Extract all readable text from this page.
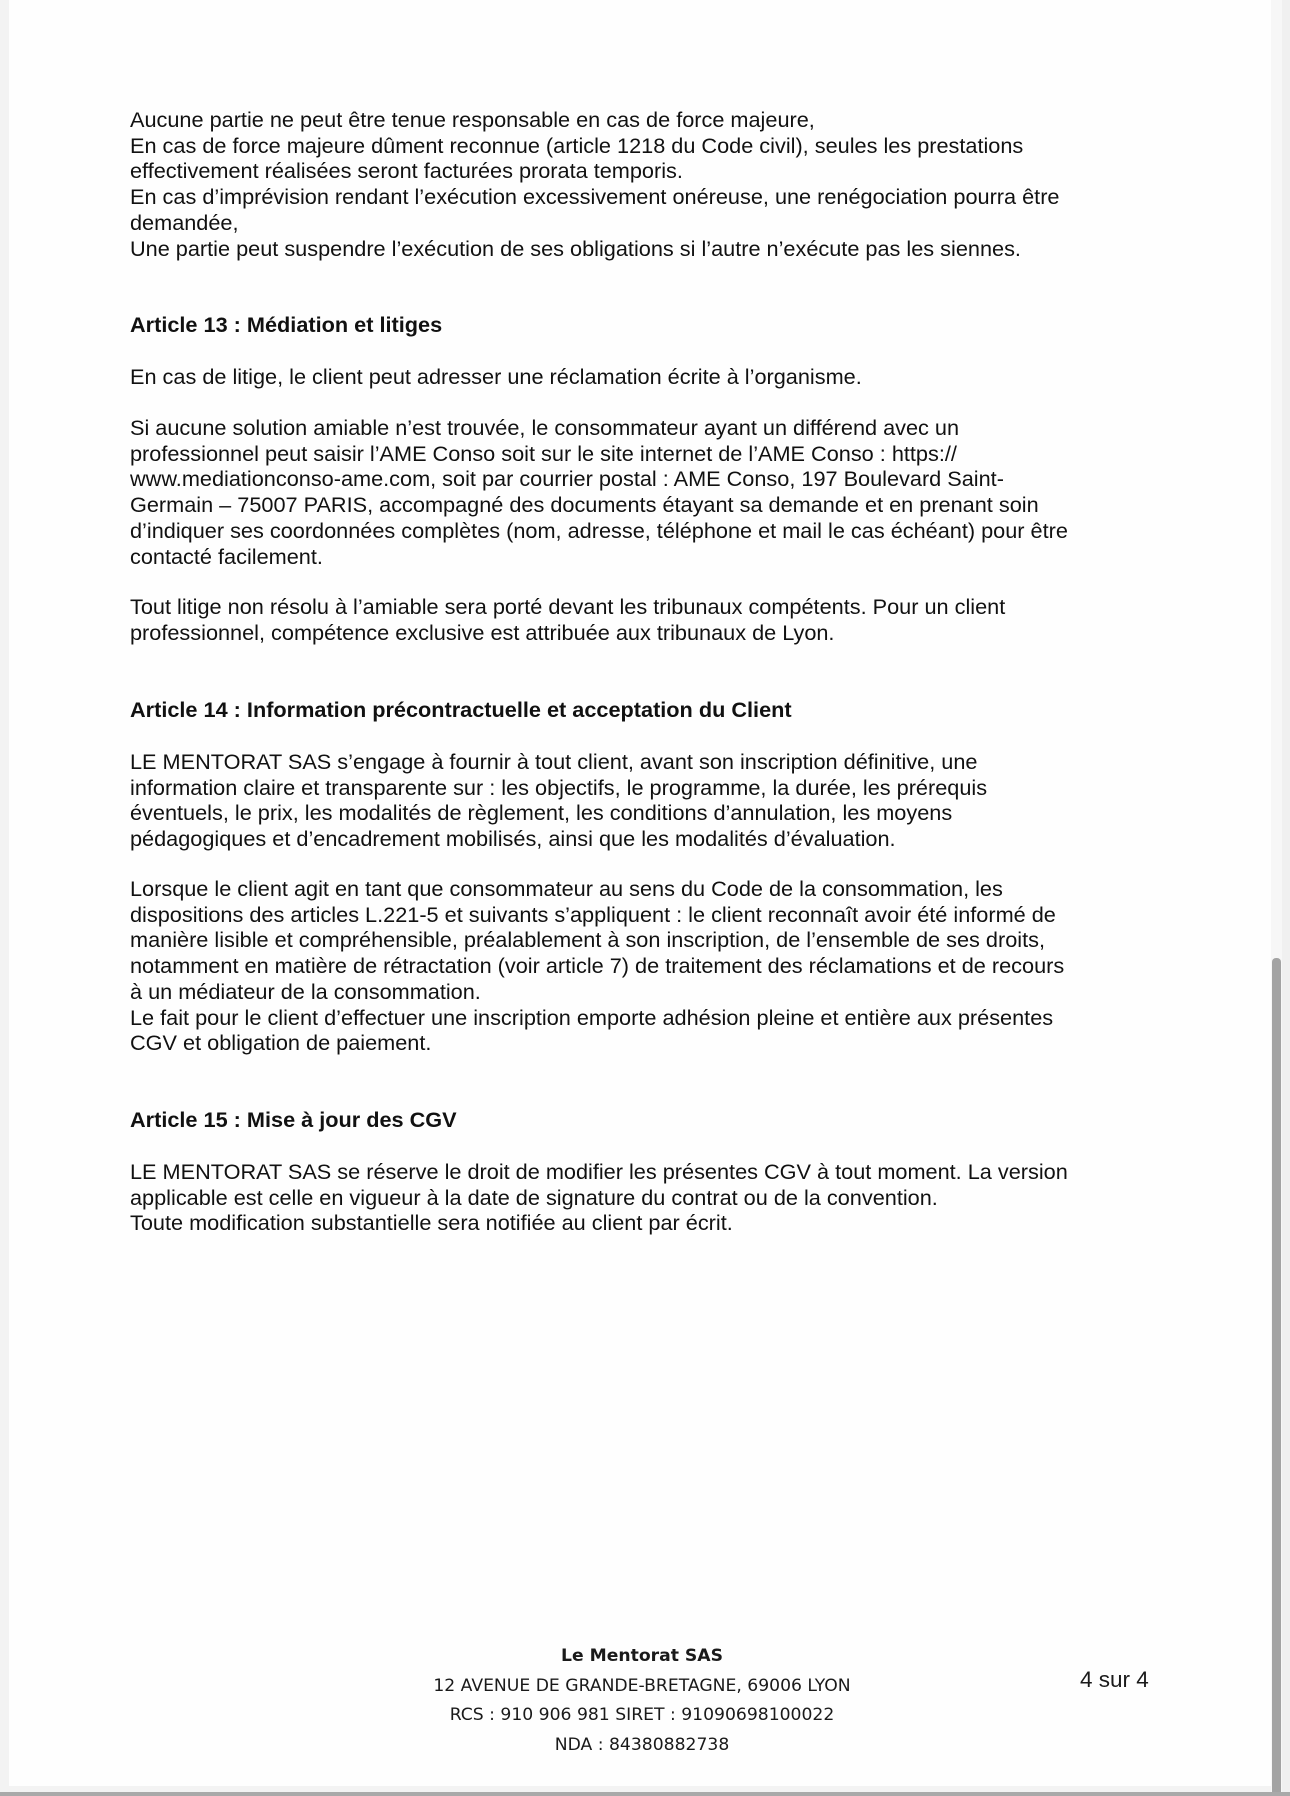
Aucune partie ne peut être tenue responsable en cas de force majeure,
En cas de force majeure dûment reconnue (article 1218 du Code civil), seules les prestations
effectivement réalisées seront facturées prorata temporis.
En cas d’imprévision rendant l’exécution excessivement onéreuse, une renégociation pourra être
demandée,
Une partie peut suspendre l’exécution de ses obligations si l’autre n’exécute pas les siennes.
Article 13 : Médiation et litiges
En cas de litige, le client peut adresser une réclamation écrite à l’organisme.
Si aucune solution amiable n’est trouvée, le consommateur ayant un différend avec un
professionnel peut saisir l’AME Conso soit sur le site internet de l’AME Conso : https://
www.mediationconso-ame.com, soit par courrier postal : AME Conso, 197 Boulevard Saint-
Germain – 75007 PARIS, accompagné des documents étayant sa demande et en prenant soin
d’indiquer ses coordonnées complètes (nom, adresse, téléphone et mail le cas échéant) pour être
contacté facilement.
Tout litige non résolu à l’amiable sera porté devant les tribunaux compétents. Pour un client
professionnel, compétence exclusive est attribuée aux tribunaux de Lyon.
Article 14 : Information précontractuelle et acceptation du Client
LE MENTORAT SAS s’engage à fournir à tout client, avant son inscription définitive, une
information claire et transparente sur : les objectifs, le programme, la durée, les prérequis
éventuels, le prix, les modalités de règlement, les conditions d’annulation, les moyens
pédagogiques et d’encadrement mobilisés, ainsi que les modalités d’évaluation.
Lorsque le client agit en tant que consommateur au sens du Code de la consommation, les
dispositions des articles L.221-5 et suivants s’appliquent : le client reconnaît avoir été informé de
manière lisible et compréhensible, préalablement à son inscription, de l’ensemble de ses droits,
notamment en matière de rétractation (voir article 7) de traitement des réclamations et de recours
à un médiateur de la consommation.
Le fait pour le client d’effectuer une inscription emporte adhésion pleine et entière aux présentes
CGV et obligation de paiement.
Article 15 : Mise à jour des CGV
LE MENTORAT SAS se réserve le droit de modifier les présentes CGV à tout moment. La version
applicable est celle en vigueur à la date de signature du contrat ou de la convention.
Toute modification substantielle sera notifiée au client par écrit.
Le Mentorat SAS
12 AVENUE DE GRANDE-BRETAGNE, 69006 LYON
RCS : 910 906 981 SIRET : 91090698100022
NDA : 84380882738
4 sur 4
